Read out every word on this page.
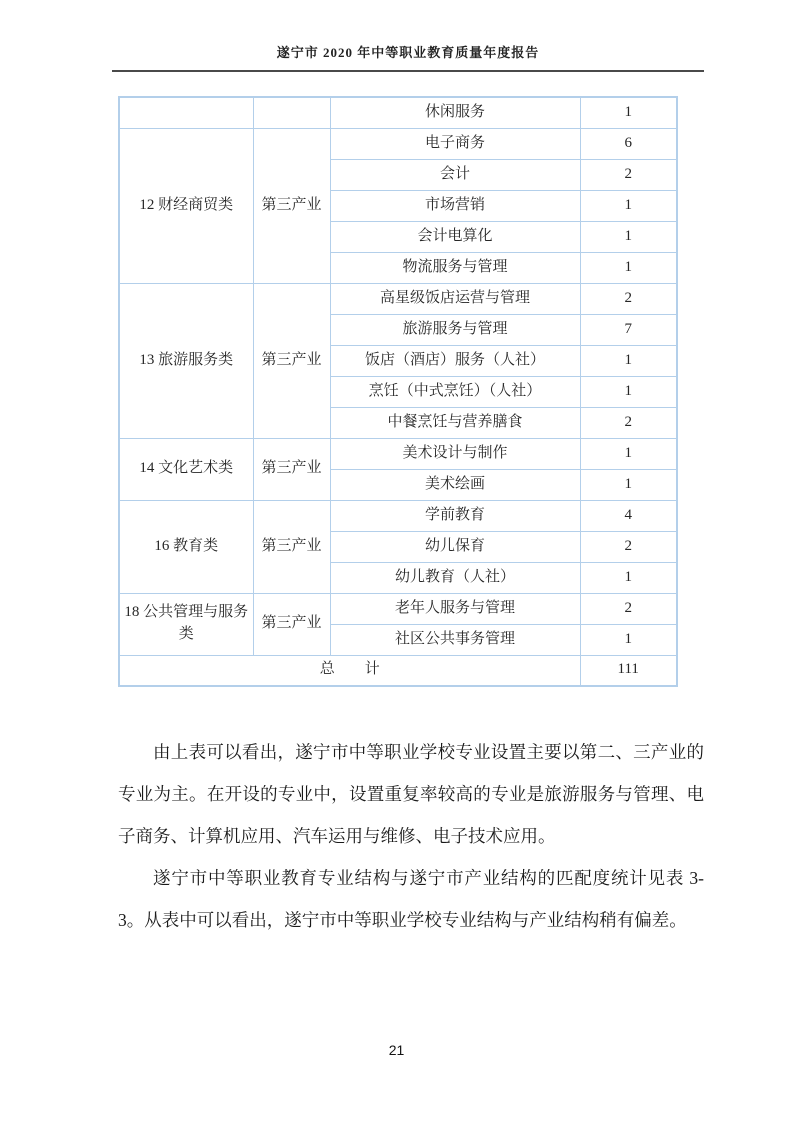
遂宁市 2020 年中等职业教育质量年度报告
		休闲服务	1
12 财经商贸类	第三产业	电子商务	6
		会计	2
		市场营销	1
		会计电算化	1
		物流服务与管理	1
13 旅游服务类	第三产业	高星级饭店运营与管理	2
		旅游服务与管理	7
		饭店（酒店）服务（人社）	1
		烹饪（中式烹饪）（人社）	1
		中餐烹饪与营养膳食	2
14 文化艺术类	第三产业	美术设计与制作	1
		美术绘画	1
16 教育类	第三产业	学前教育	4
		幼儿保育	2
		幼儿教育（人社）	1
18 公共管理与服务类	第三产业	老年人服务与管理	2
		社区公共事务管理	1
总　　计			111

由上表可以看出，遂宁市中等职业学校专业设置主要以第二、三产业的专业为主。在开设的专业中，设置重复率较高的专业是旅游服务与管理、电子商务、计算机应用、汽车运用与维修、电子技术应用。

遂宁市中等职业教育专业结构与遂宁市产业结构的匹配度统计见表 3-3。从表中可以看出，遂宁市中等职业学校专业结构与产业结构稍有偏差。

21
